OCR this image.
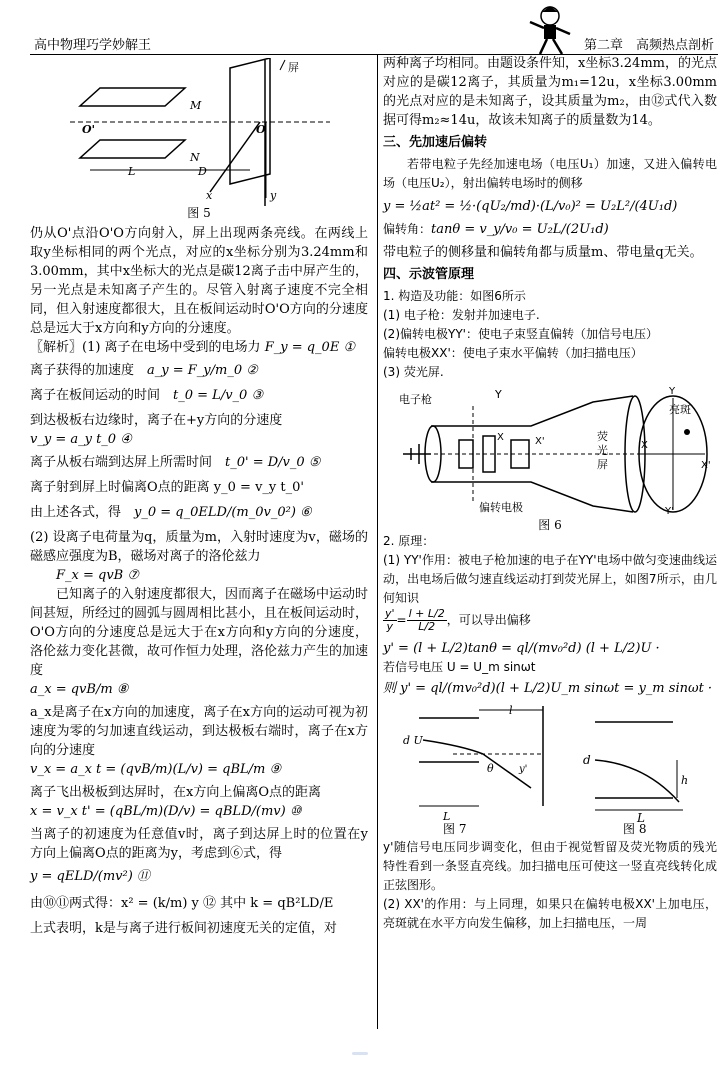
高中物理巧学妙解王	第二章　高频热点剖析
屏
M
O'	O
N
L	D
x	y
图 5

仍从O'点沿O'O方向射入，屏上出现两条亮线。在两线上取y坐标相同的两个光点，对应的x坐标分别为3.24mm和3.00mm，其中x坐标大的光点是碳12离子击中屏产生的，另一光点是未知离子产生的。尽管入射离子速度不完全相同，但入射速度都很大，且在板间运动时O'O方向的分速度总是远大于x方向和y方向的分速度。

〖解析〗(1) 离子在电场中受到的电场力 F_y = q_0E ①

离子获得的加速度　 a_y = F_y/m_0 ②

离子在板间运动的时间　 t_0 = L/v_0 ③

到达极板右边缘时，离子在+y方向的分速度

v_y = a_y t_0 ④

离子从板右端到达屏上所需时间　 t_0' = D/v_0 ⑤

离子射到屏上时偏离O点的距离 y_0 = v_y t_0'

由上述各式，得　 y_0 = q_0ELD/(m_0v_0²) ⑥

(2) 设离子电荷量为q，质量为m，入射时速度为v，磁场的磁感应强度为B，磁场对离子的洛伦兹力

F_x = qvB ⑦

已知离子的入射速度都很大，因而离子在磁场中运动时间甚短，所经过的圆弧与圆周相比甚小，且在板间运动时，O'O方向的分速度总是远大于在x方向和y方向的分速度，洛伦兹力变化甚微，故可作恒力处理，洛伦兹力产生的加速度

a_x = qvB/m ⑧

a_x是离子在x方向的加速度，离子在x方向的运动可视为初速度为零的匀加速直线运动，到达极板右端时，离子在x方向的分速度

v_x = a_x t = (qvB/m)(L/v) = qBL/m ⑨

离子飞出极板到达屏时，在x方向上偏离O点的距离

x = v_x t' = (qBL/m)(D/v) = qBLD/(mv) ⑩

当离子的初速度为任意值v时，离子到达屏上时的位置在y方向上偏离O点的距离为y，考虑到⑥式，得

y = qELD/(mv²) ⑪

由⑩⑪两式得：x² = (k/m) y ⑫ 其中 k = qB²LD/E

上式表明，k是与离子进行板间初速度无关的定值，对

两种离子均相同。由题设条件知，x坐标3.24mm，的光点对应的是碳12离子，其质量为m₁=12u，x坐标3.00mm的光点对应的是未知离子，设其质量为m₂，由⑫式代入数据可得m₂≈14u，故该未知离子的质量数为14。

三、先加速后偏转

若带电粒子先经加速电场（电压U₁）加速，又进入偏转电场（电压U₂），射出偏转电场时的侧移

y = ½at² = ½·(qU₂/md)·(L/v₀)² = U₂L²/(4U₁d)

偏转角：tanθ = v_y/v₀ = U₂L/(2U₁d)

带电粒子的侧移量和偏转角都与质量m、带电量q无关。

四、示波管原理

1. 构造及功能：如图6所示

(1) 电子枪：发射并加速电子.

(2)偏转电极YY'：使电子束竖直偏转（加信号电压）

偏转电极XX'：使电子束水平偏转（加扫描电压）

(3) 荧光屏.

Y
X	X'
Y
Y'
X
X'
电子枪
荧光屏
亮斑
偏转电极
图 6

2. 原理：

(1) YY'作用：被电子枪加速的电子在YY'电场中做匀变速曲线运动，出电场后做匀速直线运动打到荧光屏上，如图7所示，由几何知识

$\frac{y'}{y} = \frac{l + L/2}{L/2}$ ，可以导出偏移

y' = (l + L/2)tanθ = ql/(mv₀²d) (l + L/2)U ·

若信号电压 U = U_m sinωt

则 y' = ql/(mv₀²d)(l + L/2)U_m sinωt = y_m sinωt ·

d U
L
l
θ	y'
d
h
L
图 7	图 8

y'随信号电压同步调变化，但由于视觉暂留及荧光物质的残光特性看到一条竖直亮线。加扫描电压可使这一竖直亮线转化成正弦图形。

(2) XX'的作用：与上同理，如果只在偏转电极XX'上加电压，亮斑就在水平方向发生偏移，加上扫描电压，一周
